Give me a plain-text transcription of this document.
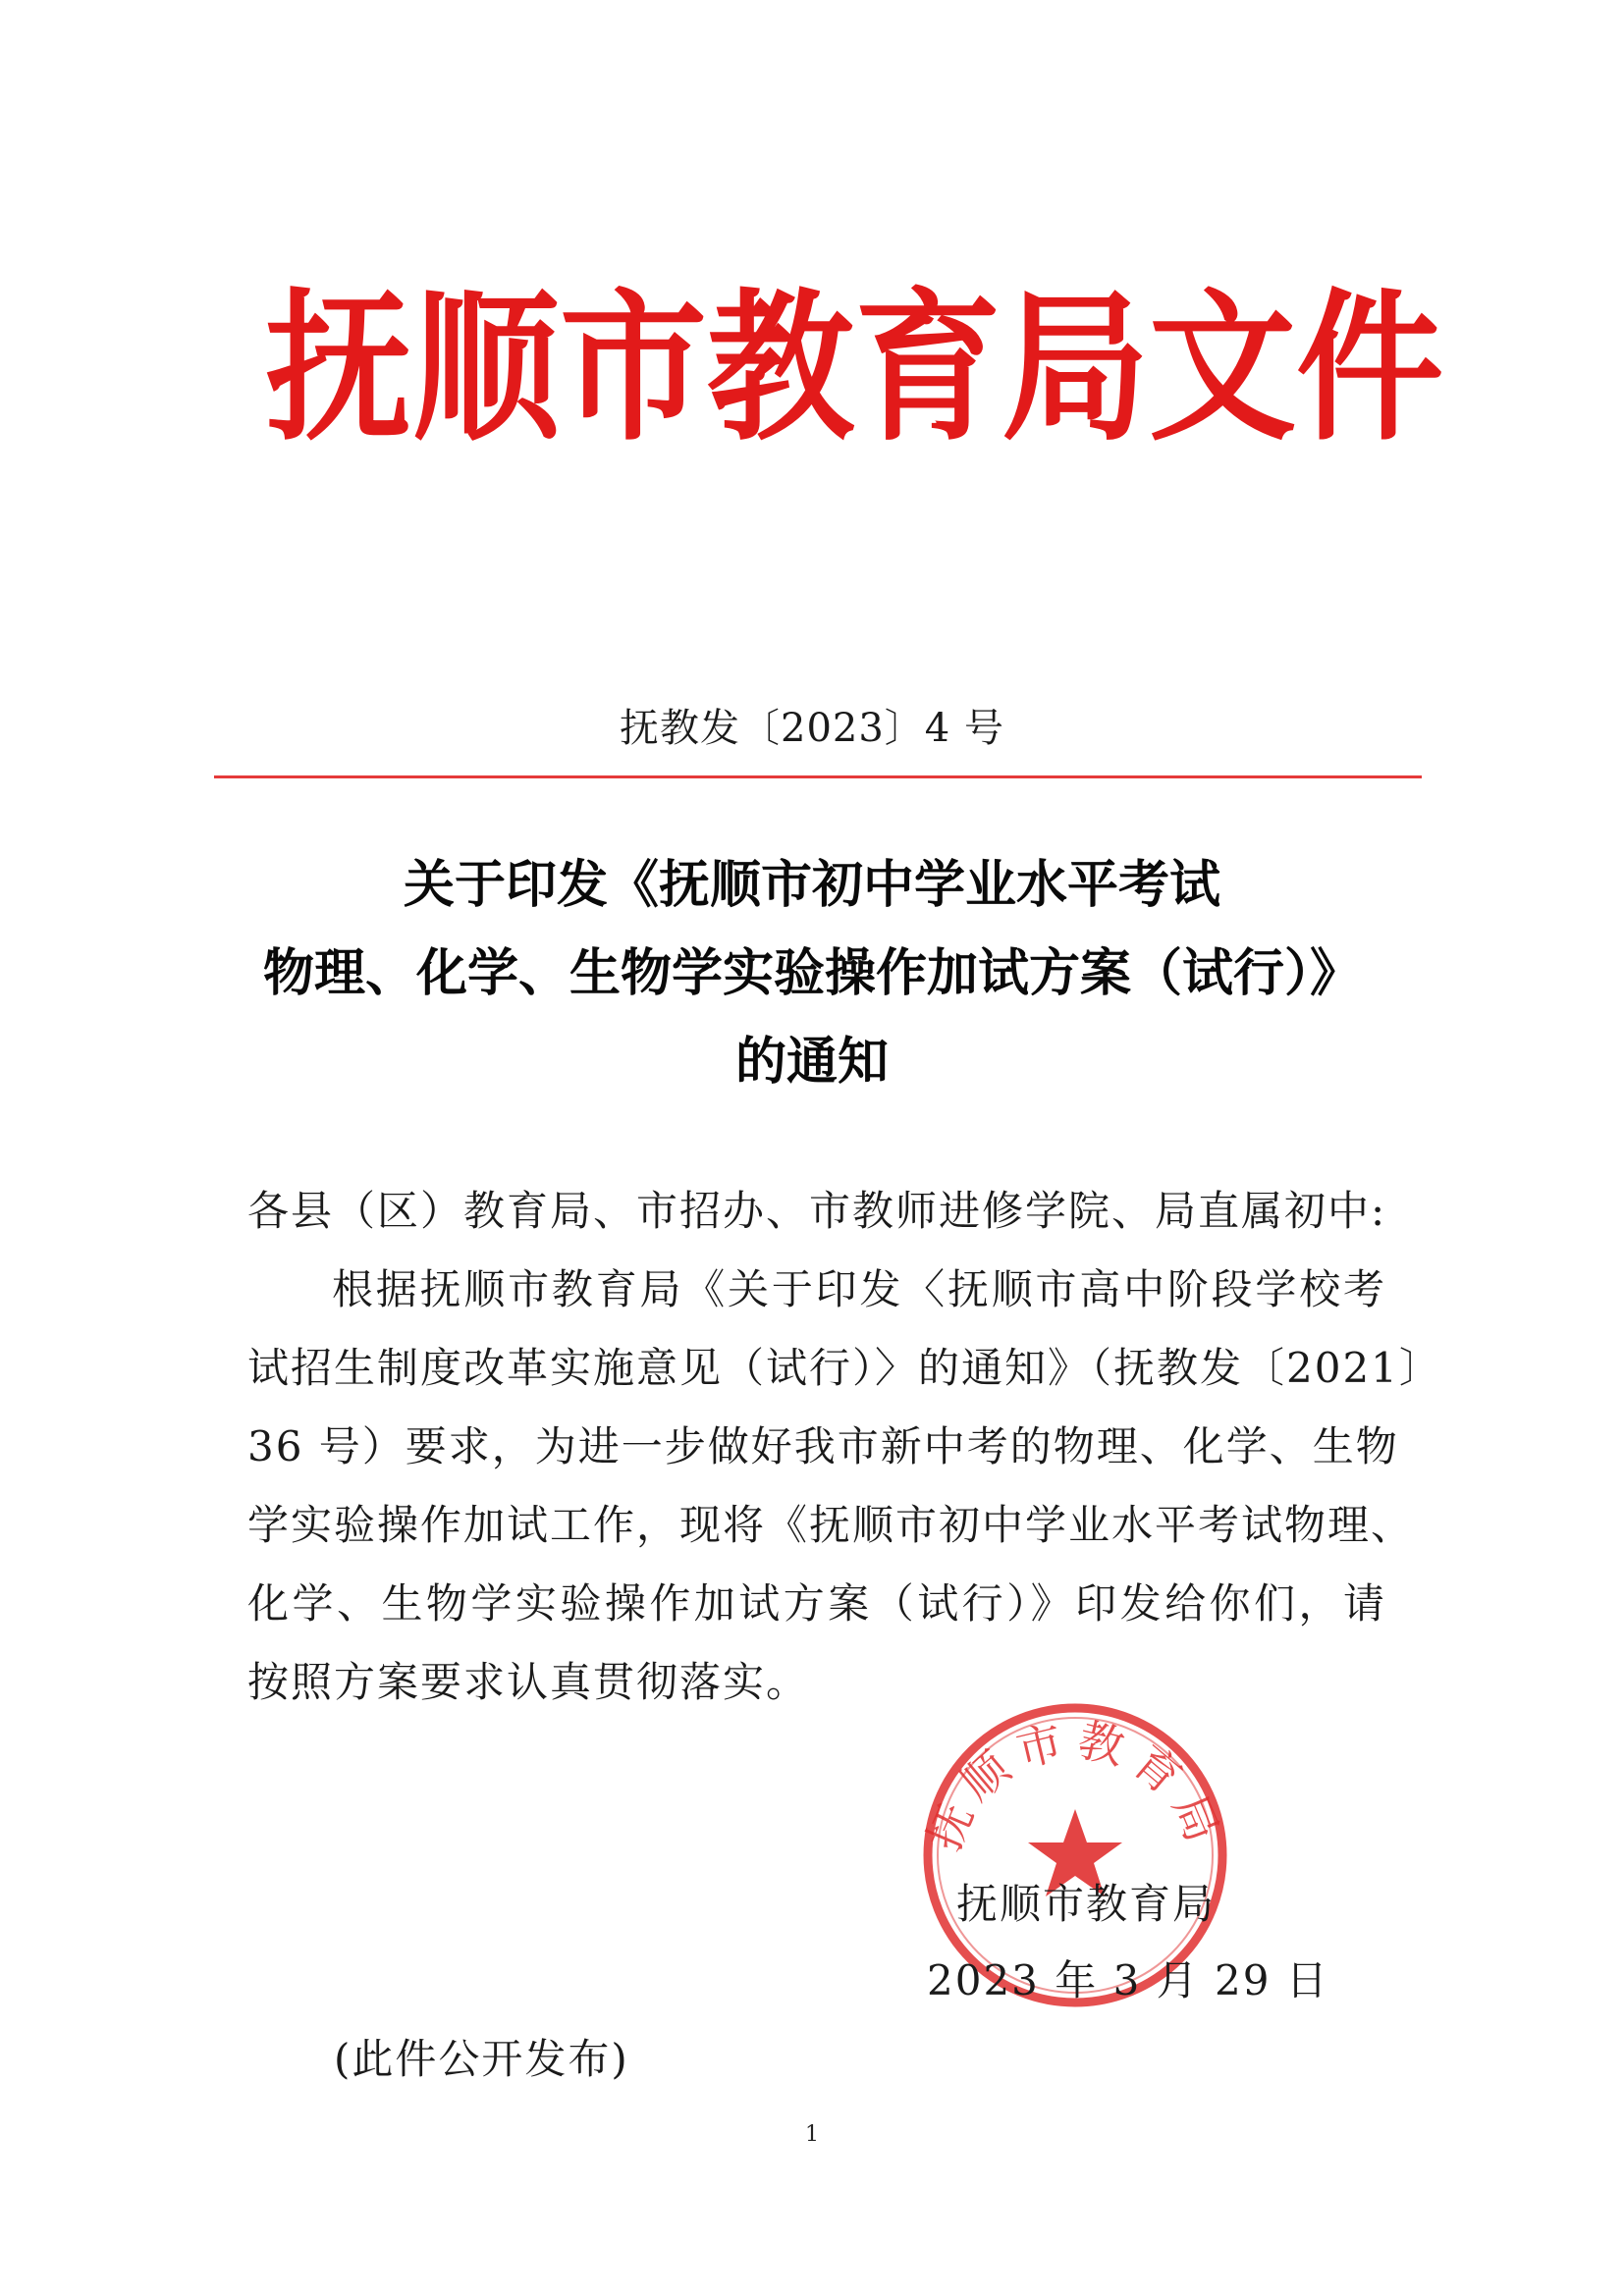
抚 顺 市 教 育 局 文 件
抚教发〔2023〕4 号
关于印发《抚顺市初中学业水平考试
物理、化学、生物学实验操作加试方案（试行）》
的通知
各县（区）教育局、市招办、市教师进修学院、局直属初中:
根据抚顺市教育局《关于印发〈抚顺市高中阶段学校考
试招生制度改革实施意见（试行）〉的通知》（抚教发〔2021〕
36 号）要求，为进一步做好我市新中考的物理、化学、生物
学实验操作加试工作，现将《抚顺市初中学业水平考试物理、
化学、生物学实验操作加试方案（试行）》印发给你们，请
按照方案要求认真贯彻落实。
抚顺市教育局
抚顺市教育局
2023 年 3 月 29 日
(此件公开发布)
1
